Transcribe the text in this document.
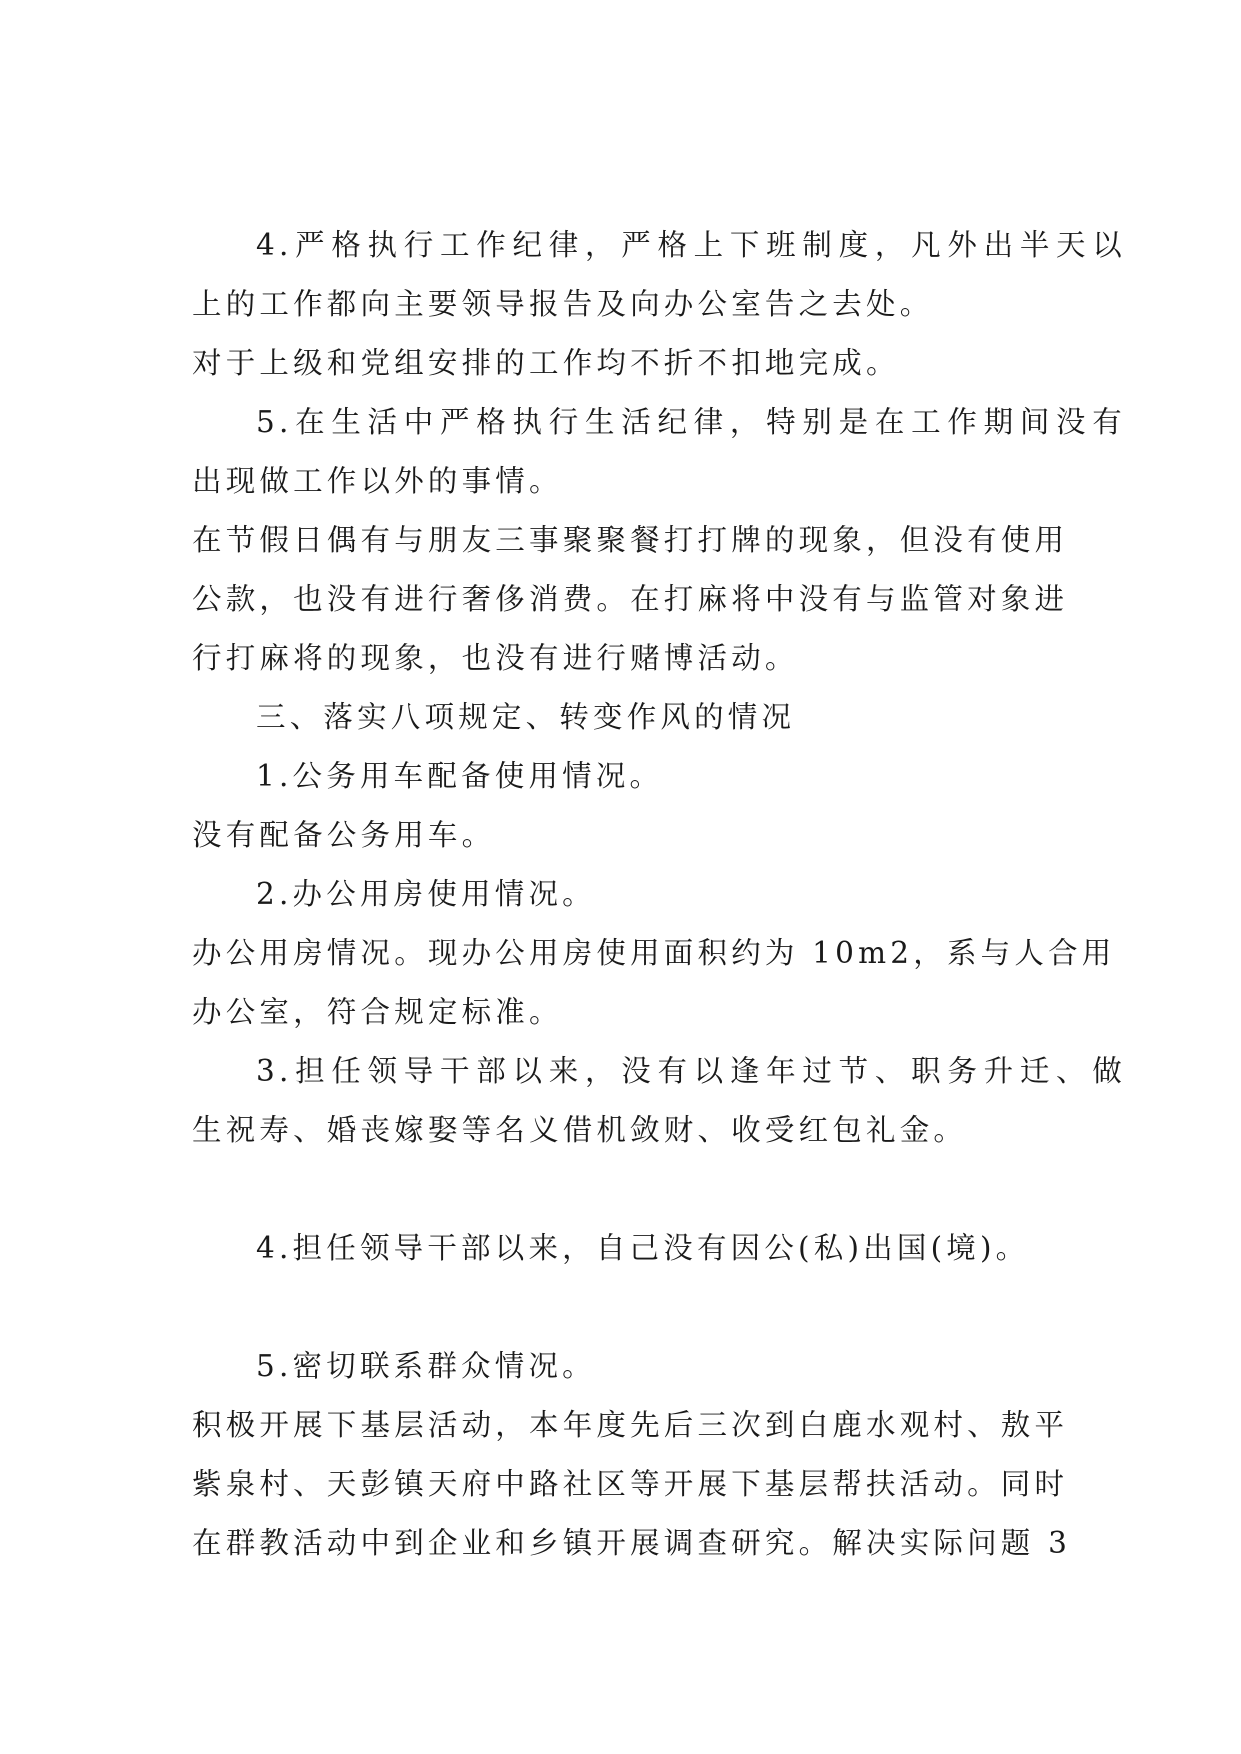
4.严格执行工作纪律，严格上下班制度，凡外出半天以
上的工作都向主要领导报告及向办公室告之去处。
对于上级和党组安排的工作均不折不扣地完成。
5.在生活中严格执行生活纪律，特别是在工作期间没有
出现做工作以外的事情。
在节假日偶有与朋友三事聚聚餐打打牌的现象，但没有使用
公款，也没有进行奢侈消费。在打麻将中没有与监管对象进
行打麻将的现象，也没有进行赌博活动。
三、落实八项规定、转变作风的情况
1.公务用车配备使用情况。
没有配备公务用车。
2.办公用房使用情况。
办公用房情况。现办公用房使用面积约为 10m2，系与人合用
办公室，符合规定标准。
3.担任领导干部以来，没有以逢年过节、职务升迁、做
生祝寿、婚丧嫁娶等名义借机敛财、收受红包礼金。
4.担任领导干部以来，自己没有因公(私)出国(境)。
5.密切联系群众情况。
积极开展下基层活动，本年度先后三次到白鹿水观村、敖平
紫泉村、天彭镇天府中路社区等开展下基层帮扶活动。同时
在群教活动中到企业和乡镇开展调查研究。解决实际问题 3
